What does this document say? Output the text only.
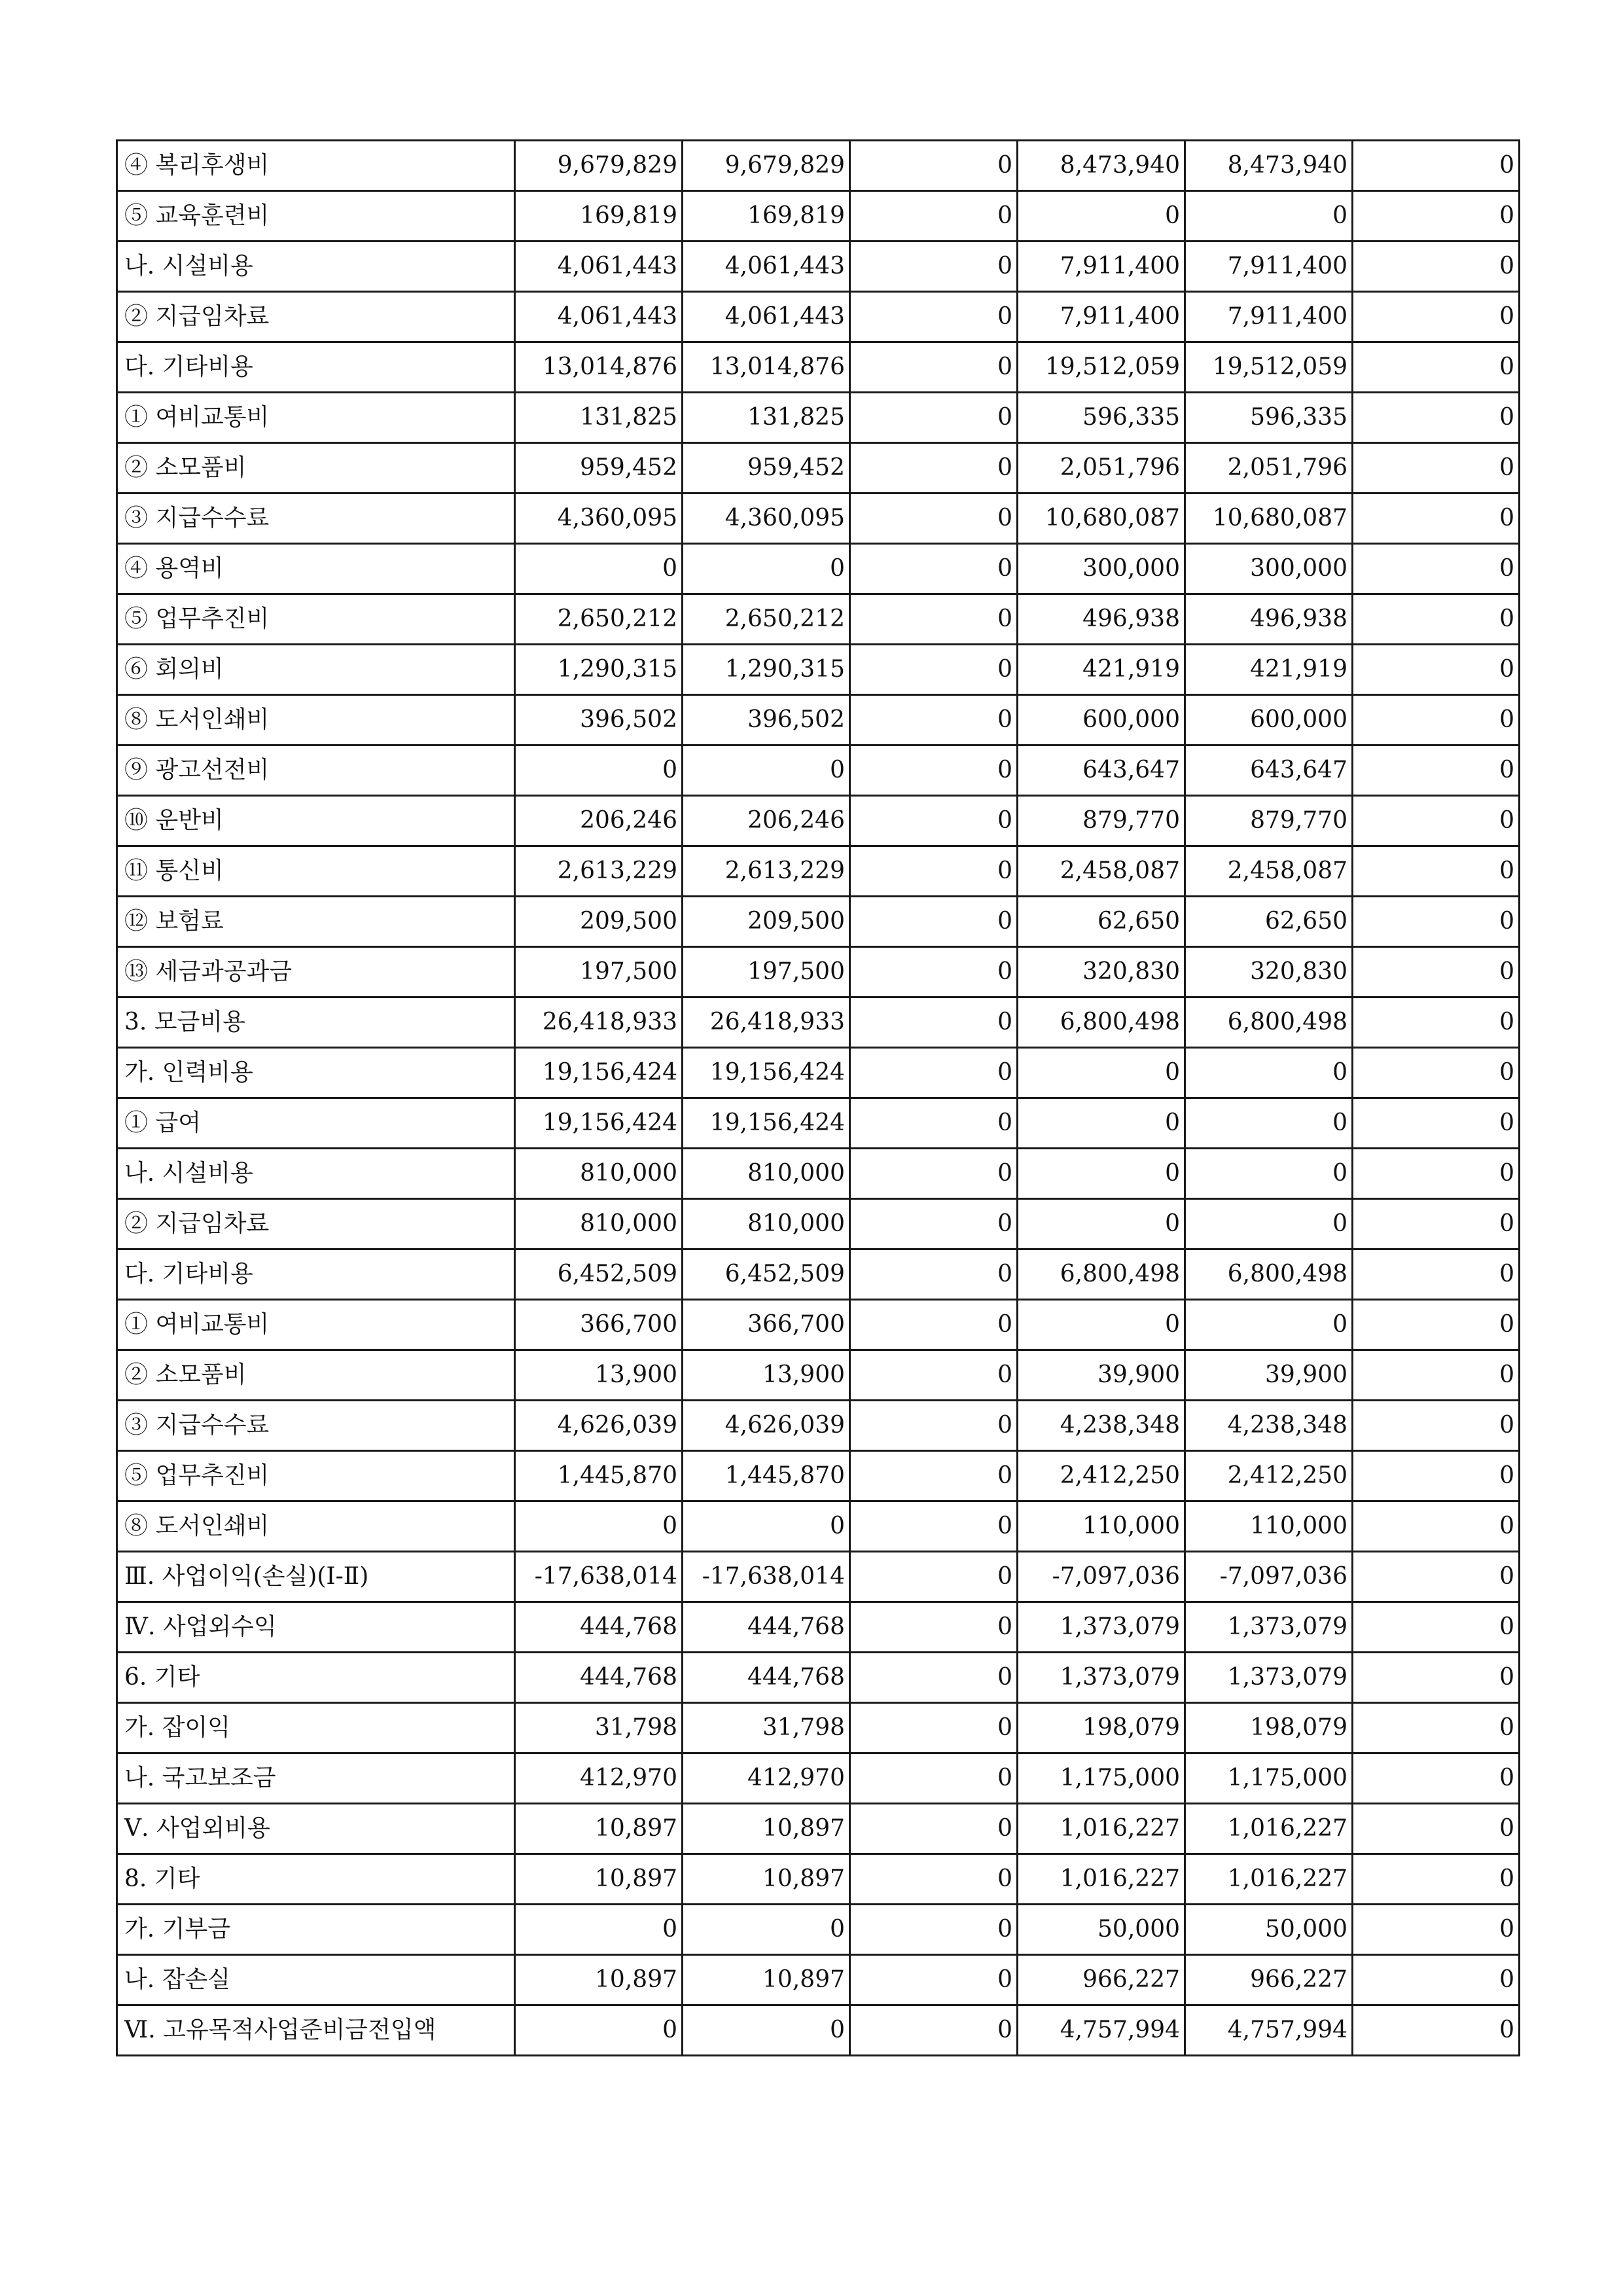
④ 복리후생비	9,679,829	9,679,829	0	8,473,940	8,473,940	0
⑤ 교육훈련비	169,819	169,819	0	0	0	0
나. 시설비용	4,061,443	4,061,443	0	7,911,400	7,911,400	0
② 지급임차료	4,061,443	4,061,443	0	7,911,400	7,911,400	0
다. 기타비용	13,014,876	13,014,876	0	19,512,059	19,512,059	0
① 여비교통비	131,825	131,825	0	596,335	596,335	0
② 소모품비	959,452	959,452	0	2,051,796	2,051,796	0
③ 지급수수료	4,360,095	4,360,095	0	10,680,087	10,680,087	0
④ 용역비	0	0	0	300,000	300,000	0
⑤ 업무추진비	2,650,212	2,650,212	0	496,938	496,938	0
⑥ 회의비	1,290,315	1,290,315	0	421,919	421,919	0
⑧ 도서인쇄비	396,502	396,502	0	600,000	600,000	0
⑨ 광고선전비	0	0	0	643,647	643,647	0
⑩ 운반비	206,246	206,246	0	879,770	879,770	0
⑪ 통신비	2,613,229	2,613,229	0	2,458,087	2,458,087	0
⑫ 보험료	209,500	209,500	0	62,650	62,650	0
⑬ 세금과공과금	197,500	197,500	0	320,830	320,830	0
3. 모금비용	26,418,933	26,418,933	0	6,800,498	6,800,498	0
가. 인력비용	19,156,424	19,156,424	0	0	0	0
① 급여	19,156,424	19,156,424	0	0	0	0
나. 시설비용	810,000	810,000	0	0	0	0
② 지급임차료	810,000	810,000	0	0	0	0
다. 기타비용	6,452,509	6,452,509	0	6,800,498	6,800,498	0
① 여비교통비	366,700	366,700	0	0	0	0
② 소모품비	13,900	13,900	0	39,900	39,900	0
③ 지급수수료	4,626,039	4,626,039	0	4,238,348	4,238,348	0
⑤ 업무추진비	1,445,870	1,445,870	0	2,412,250	2,412,250	0
⑧ 도서인쇄비	0	0	0	110,000	110,000	0
Ⅲ. 사업이익(손실)(Ⅰ-Ⅱ)	-17,638,014	-17,638,014	0	-7,097,036	-7,097,036	0
Ⅳ. 사업외수익	444,768	444,768	0	1,373,079	1,373,079	0
6. 기타	444,768	444,768	0	1,373,079	1,373,079	0
가. 잡이익	31,798	31,798	0	198,079	198,079	0
나. 국고보조금	412,970	412,970	0	1,175,000	1,175,000	0
Ⅴ. 사업외비용	10,897	10,897	0	1,016,227	1,016,227	0
8. 기타	10,897	10,897	0	1,016,227	1,016,227	0
가. 기부금	0	0	0	50,000	50,000	0
나. 잡손실	10,897	10,897	0	966,227	966,227	0
Ⅵ. 고유목적사업준비금전입액	0	0	0	4,757,994	4,757,994	0
